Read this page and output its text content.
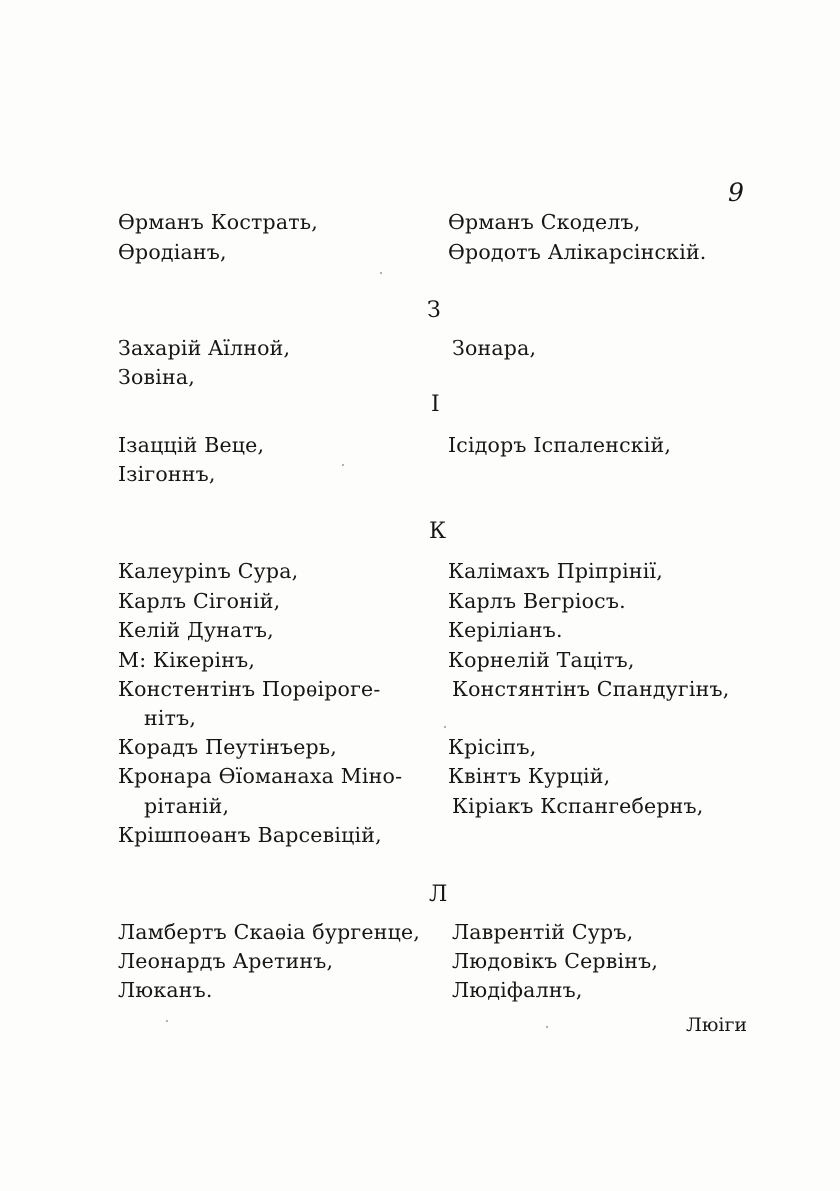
9
Ѳрманъ Кострать,
Ѳродіанъ,
Ѳрманъ Скоделъ,
Ѳродотъ Алікарсінскій.
З
Захарій Aїлной,
Зовіна,
Зонара,
І
Ізаццій Веце,
Ізігоннъ,
Ісідоръ Іспаленскій,
К
Калеуріnъ Сура,
Карлъ Сігоній,
Келій Дунатъ,
М: Кікерінъ,
Констентінъ Порѳірогe-
нітъ,
Корадъ Пеутінъерь,
Кронара Ѳїоманаха Міно-
рітаній,
Крішпоѳанъ Варсевіцій,
Калімахъ Пріпрінії,
Карлъ Вегріосъ.
Керіліанъ.
Корнелій Тацітъ,
Констянтінъ Спандугінъ,
Крісіпъ,
Квінтъ Курцій,
Кіріакъ Кспангебернъ,
Л
Ламбертъ Скаѳіа бургенце,
Леонардъ Аретинъ,
Люканъ.
Лаврентій Суръ,
Людовікъ Сервінъ,
Людіфалнъ,
Люіги
